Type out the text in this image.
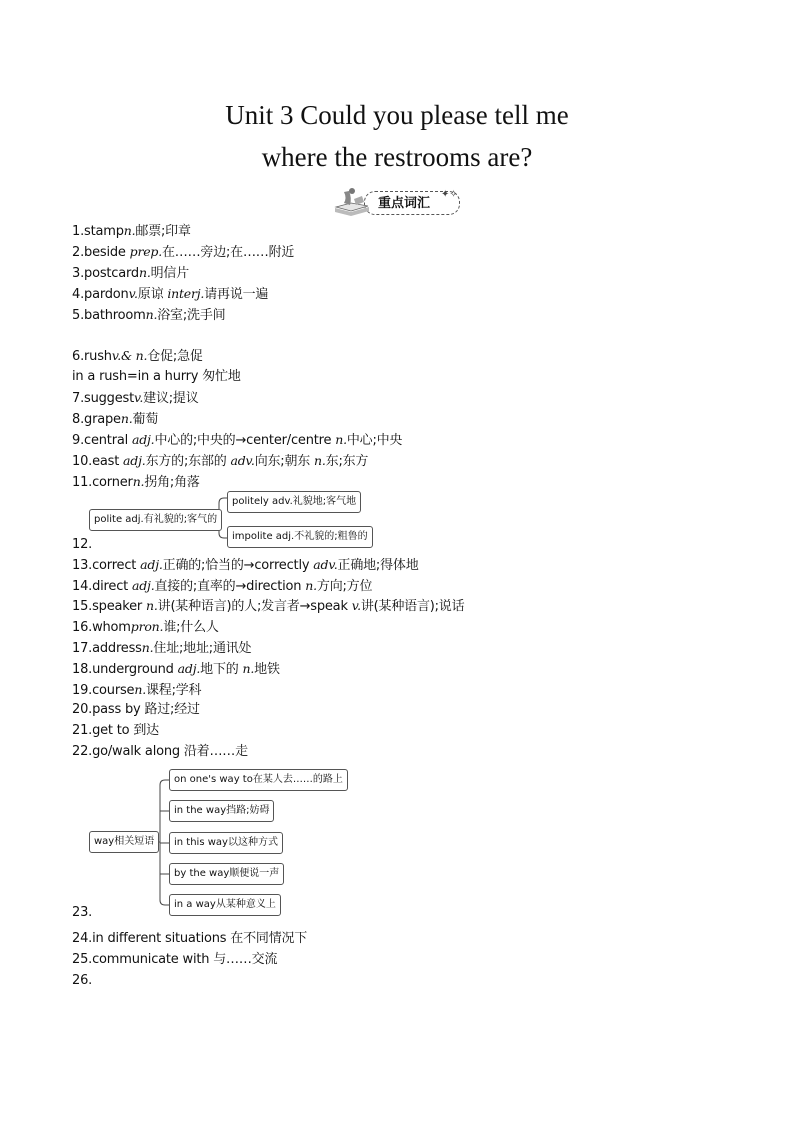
Unit 3 Could you please tell me
where the restrooms are?
重点词汇
✦✧
1.stampn.邮票;印章
2.beside prep.在……旁边;在……附近
3.postcardn.明信片
4.pardonv.原谅 interj.请再说一遍
5.bathroomn.浴室;洗手间
6.rushv.& n.仓促;急促
in a rush=in a hurry 匆忙地
7.suggestv.建议;提议
8.grapen.葡萄
9.central adj.中心的;中央的→center/centre n.中心;中央
10.east adj.东方的;东部的 adv.向东;朝东 n.东;东方
11.cornern.拐角;角落
12.
13.correct adj.正确的;恰当的→correctly adv.正确地;得体地
14.direct adj.直接的;直率的→direction n.方向;方位
15.speaker n.讲(某种语言)的人;发言者→speak v.讲(某种语言);说话
16.whompron.谁;什么人
17.addressn.住址;地址;通讯处
18.underground adj.地下的 n.地铁
19.coursen.课程;学科
20.pass by 路过;经过
21.get to 到达
22.go/walk along 沿着……走
23.
24.in different situations 在不同情况下
25.communicate with 与……交流
26.
polite adj.有礼貌的;客气的
politely adv.礼貌地;客气地
impolite adj.不礼貌的;粗鲁的
way相关短语
on one's way to在某人去……的路上
in the way挡路;妨碍
in this way以这种方式
by the way顺便说一声
in a way从某种意义上
